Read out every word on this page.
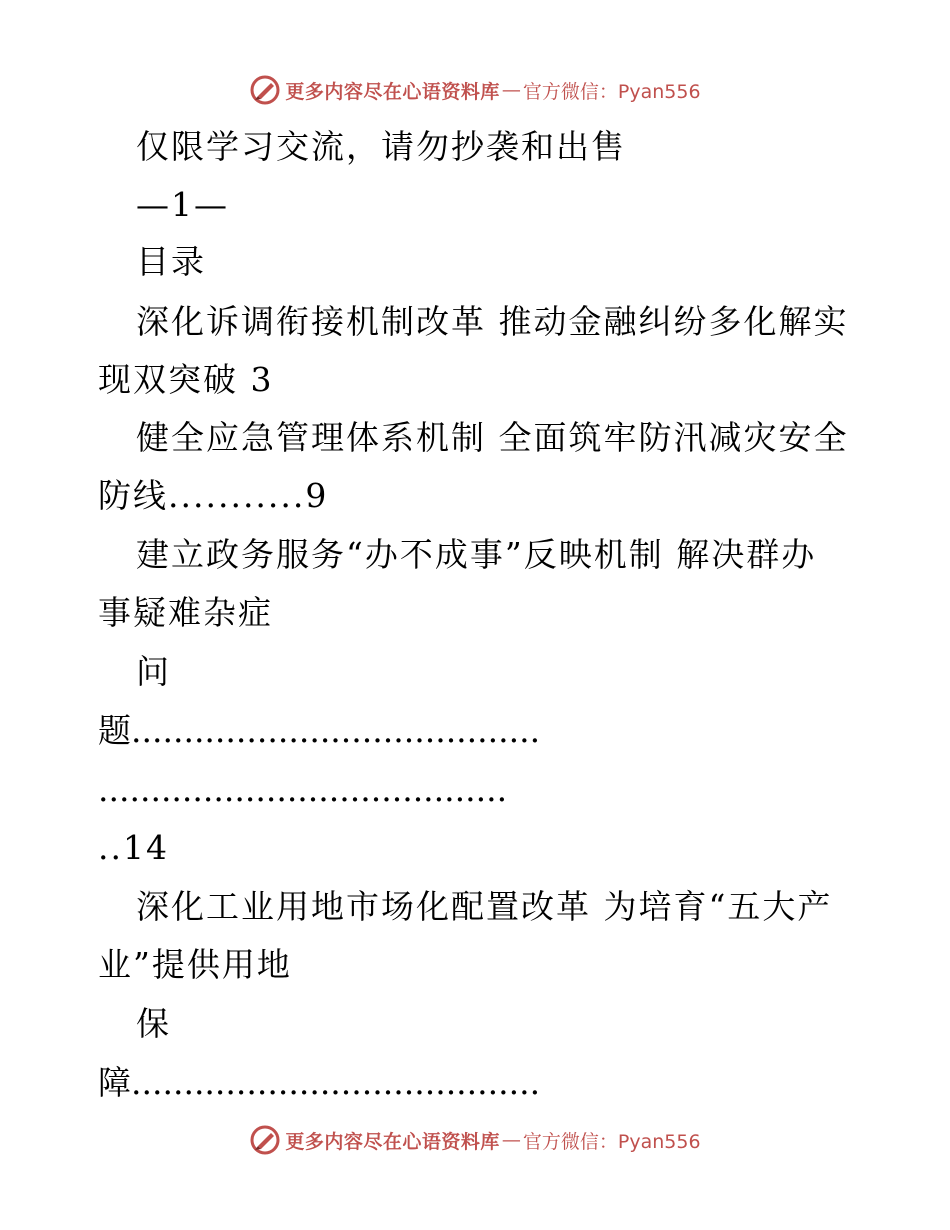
更多内容尽在心语资料库 — 官方微信：Pyan556
仅限学习交流，请勿抄袭和出售
—1—
目录
深化诉调衔接机制改革 推动金融纠纷多化解实
现双突破 3
健全应急管理体系机制 全面筑牢防汛减灾安全
防线...........9
建立政务服务“办不成事”反映机制 解决群办
事疑难杂症
问
题
.......................................
.......................................
..14
深化工业用地市场化配置改革 为培育“五大产
业”提供用地
保
障
.......................................
更多内容尽在心语资料库 — 官方微信：Pyan556
